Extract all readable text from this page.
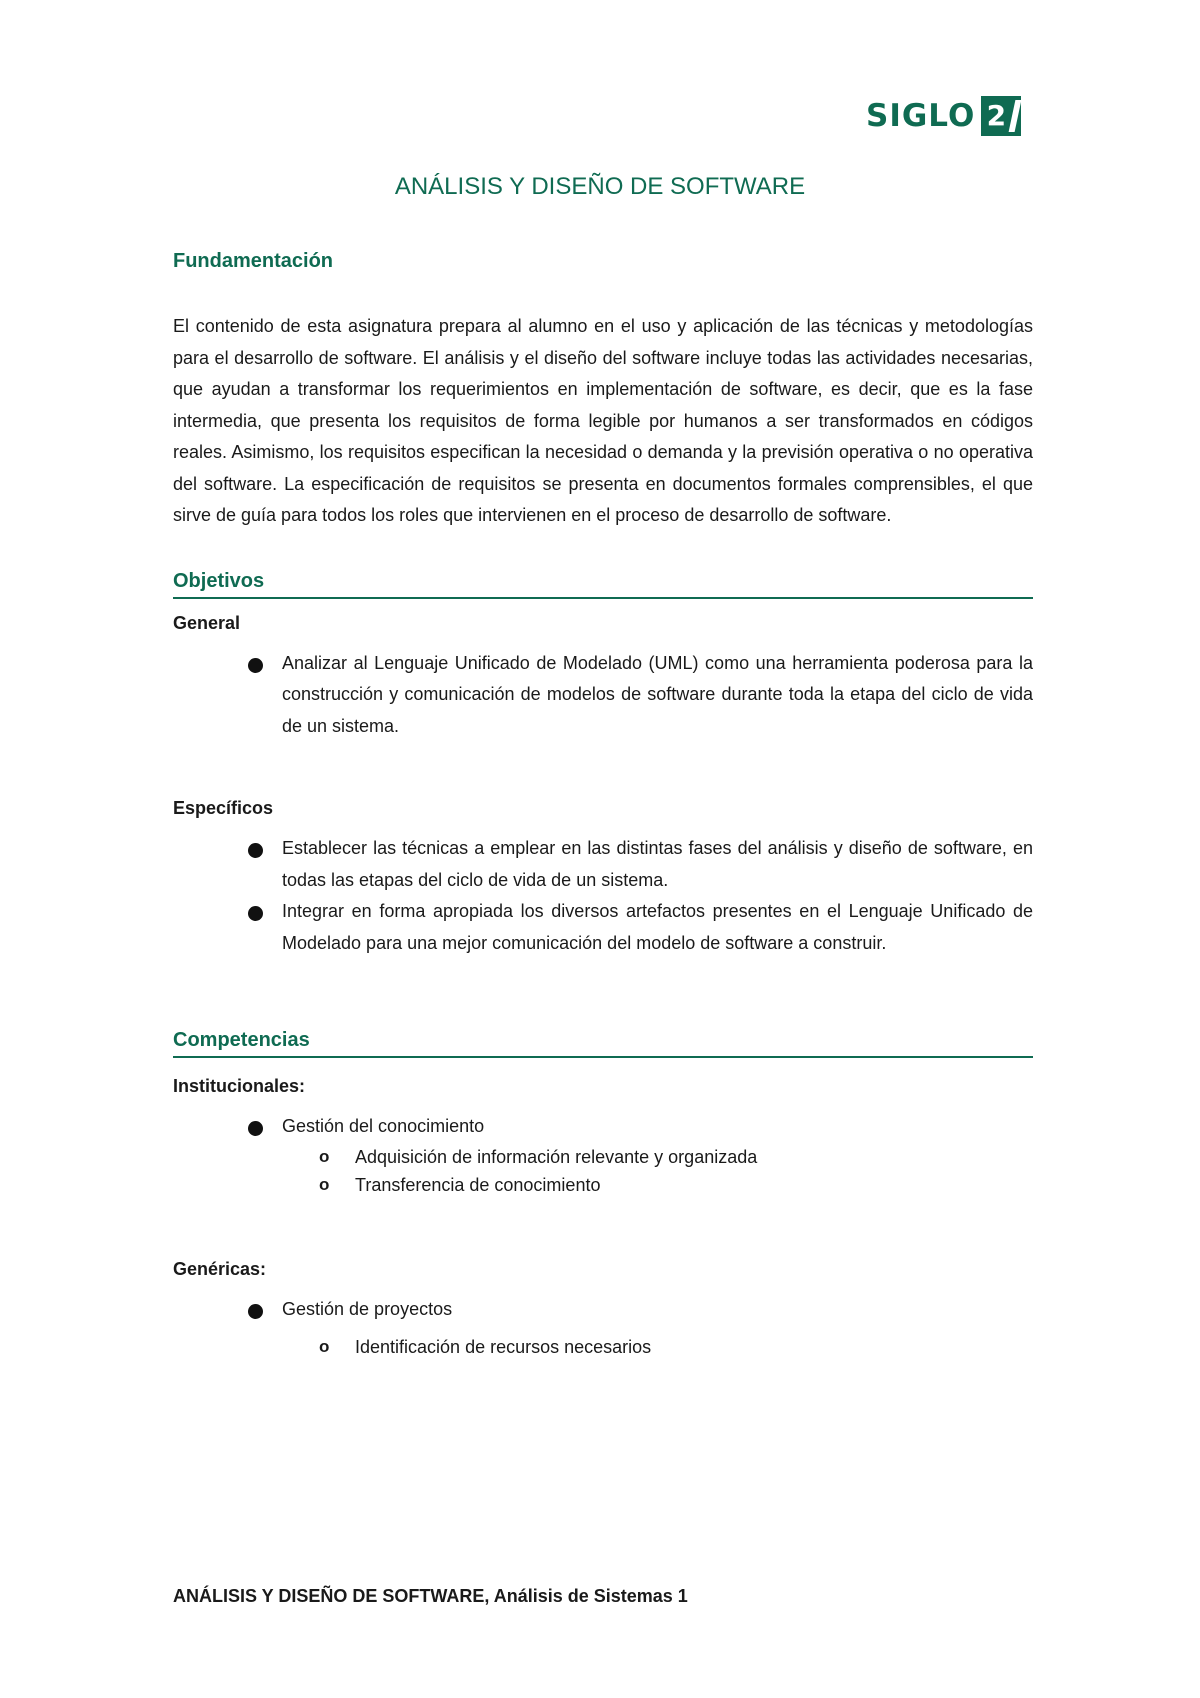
SIGLO 2
ANÁLISIS Y DISEÑO DE SOFTWARE
Fundamentación

El contenido de esta asignatura prepara al alumno en el uso y aplicación de las técnicas y metodologías para el desarrollo de software. El análisis y el diseño del software incluye todas las actividades necesarias, que ayudan a transformar los requerimientos en implementación de software, es decir, que es la fase intermedia, que presenta los requisitos de forma legible por humanos a ser transformados en códigos reales. Asimismo, los requisitos especifican la necesidad o demanda y la previsión operativa o no operativa del software. La especificación de requisitos se presenta en documentos formales comprensibles, el que sirve de guía para todos los roles que intervienen en el proceso de desarrollo de software.

Objetivos

General

Analizar al Lenguaje Unificado de Modelado (UML) como una herramienta poderosa para la construcción y comunicación de modelos de software durante toda la etapa del ciclo de vida de un sistema.

Específicos

Establecer las técnicas a emplear en las distintas fases del análisis y diseño de software, en todas las etapas del ciclo de vida de un sistema.
Integrar en forma apropiada los diversos artefactos presentes en el Lenguaje Unificado de Modelado para una mejor comunicación del modelo de software a construir.
Competencias

Institucionales:

Gestión del conocimiento
o Adquisición de información relevante y organizada
o Transferencia de conocimiento

Genéricas:

Gestión de proyectos
o Identificación de recursos necesarios
ANÁLISIS Y DISEÑO DE SOFTWARE, Análisis de Sistemas 1
